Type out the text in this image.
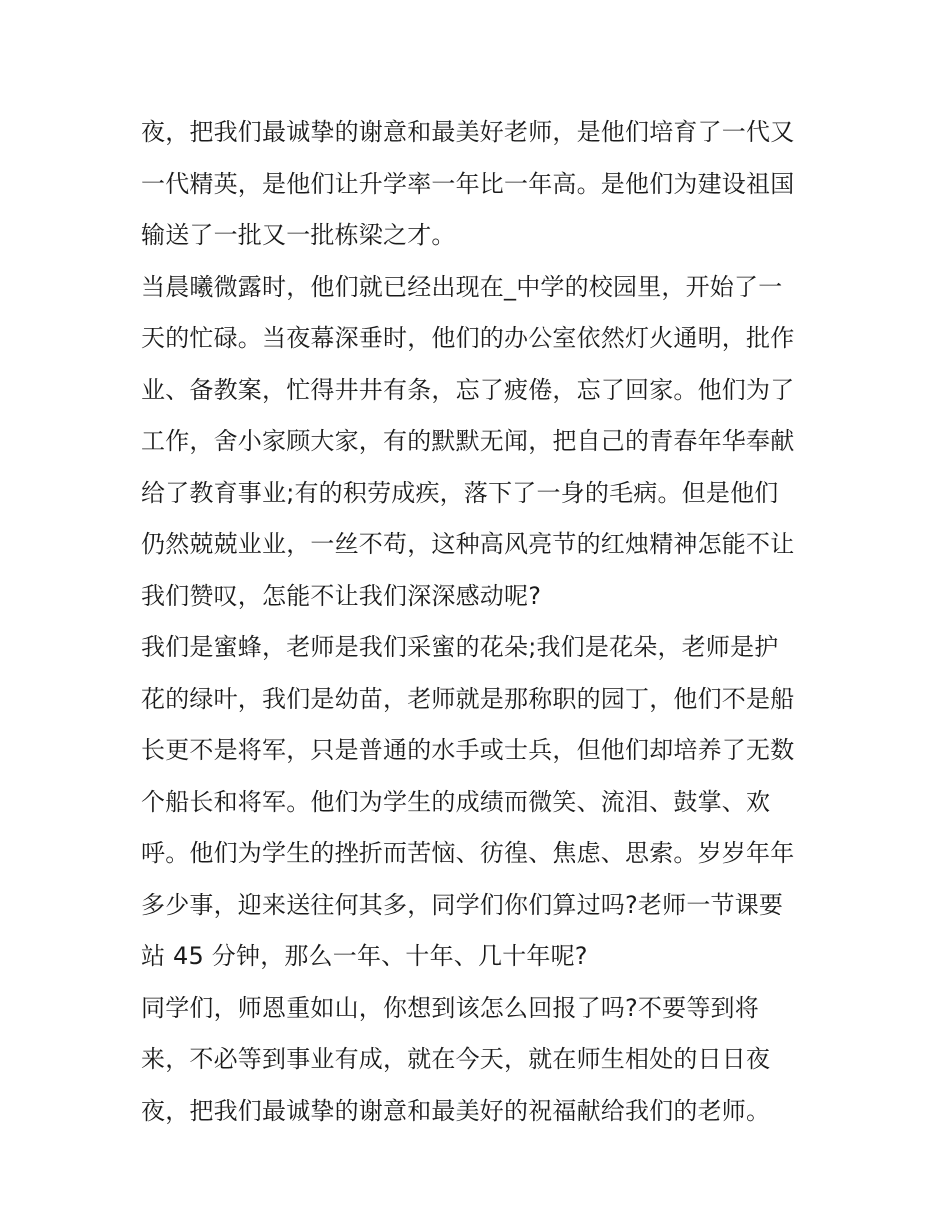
夜，把我们最诚挚的谢意和最美好老师，是他们培育了一代又
一代精英，是他们让升学率一年比一年高。是他们为建设祖国
输送了一批又一批栋梁之才。
当晨曦微露时，他们就已经出现在_中学的校园里，开始了一
天的忙碌。当夜幕深垂时，他们的办公室依然灯火通明，批作
业、备教案，忙得井井有条，忘了疲倦，忘了回家。他们为了
工作，舍小家顾大家，有的默默无闻，把自己的青春年华奉献
给了教育事业;有的积劳成疾，落下了一身的毛病。但是他们
仍然兢兢业业，一丝不苟，这种高风亮节的红烛精神怎能不让
我们赞叹，怎能不让我们深深感动呢?
我们是蜜蜂，老师是我们采蜜的花朵;我们是花朵，老师是护
花的绿叶，我们是幼苗，老师就是那称职的园丁，他们不是船
长更不是将军，只是普通的水手或士兵，但他们却培养了无数
个船长和将军。他们为学生的成绩而微笑、流泪、鼓掌、欢
呼。他们为学生的挫折而苦恼、彷徨、焦虑、思索。岁岁年年
多少事，迎来送往何其多，同学们你们算过吗?老师一节课要
站 45 分钟，那么一年、十年、几十年呢?
同学们，师恩重如山，你想到该怎么回报了吗?不要等到将
来，不必等到事业有成，就在今天，就在师生相处的日日夜
夜，把我们最诚挚的谢意和最美好的祝福献给我们的老师。
